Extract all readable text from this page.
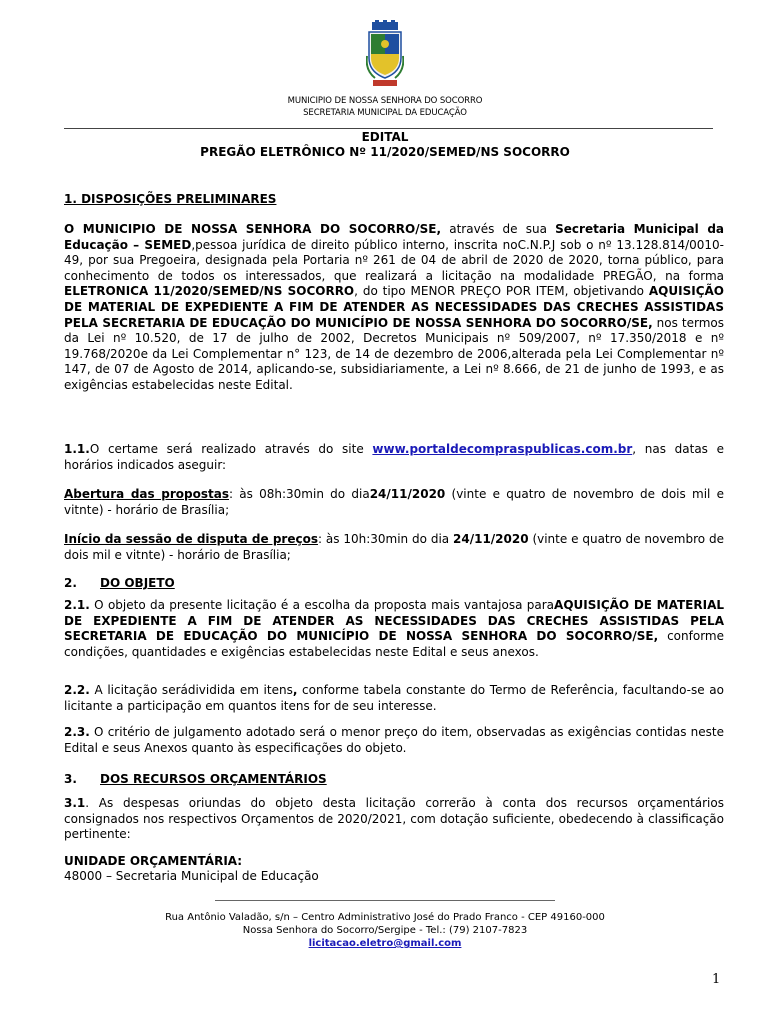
MUNICIPIO DE NOSSA SENHORA DO SOCORRO
SECRETARIA MUNICIPAL DA EDUCAÇÃO
EDITAL
PREGÃO ELETRÔNICO Nº 11/2020/SEMED/NS SOCORRO
1. DISPOSIÇÕES PRELIMINARES
O MUNICIPIO DE NOSSA SENHORA DO SOCORRO/SE, através de sua Secretaria Municipal da Educação – SEMED,pessoa jurídica de direito público interno, inscrita noC.N.P.J sob o nº 13.128.814/0010-49, por sua Pregoeira, designada pela Portaria nº 261 de 04 de abril de 2020 de 2020, torna público, para conhecimento de todos os interessados, que realizará a licitação na modalidade PREGÃO, na forma ELETRONICA 11/2020/SEMED/NS SOCORRO, do tipo MENOR PREÇO POR ITEM, objetivando AQUISIÇÃO DE MATERIAL DE EXPEDIENTE A FIM DE ATENDER AS NECESSIDADES DAS CRECHES ASSISTIDAS PELA SECRETARIA DE EDUCAÇÃO DO MUNICÍPIO DE NOSSA SENHORA DO SOCORRO/SE, nos termos da Lei nº 10.520, de 17 de julho de 2002, Decretos Municipais nº 509/2007, nº 17.350/2018 e nº 19.768/2020e da Lei Complementar n° 123, de 14 de dezembro de 2006,alterada pela Lei Complementar nº 147, de 07 de Agosto de 2014, aplicando-se, subsidiariamente, a Lei nº 8.666, de 21 de junho de 1993, e as exigências estabelecidas neste Edital.
1.1.O certame será realizado através do site www.portaldecompraspublicas.com.br, nas datas e horários indicados aseguir:
Abertura das propostas: às 08h:30min do dia24/11/2020 (vinte e quatro de novembro de dois mil e vitnte) - horário de Brasília;
Início da sessão de disputa de preços: às 10h:30min do dia 24/11/2020 (vinte e quatro de novembro de dois mil e vitnte) - horário de Brasília;
2. DO OBJETO
2.1. O objeto da presente licitação é a escolha da proposta mais vantajosa paraAQUISIÇÃO DE MATERIAL DE EXPEDIENTE A FIM DE ATENDER AS NECESSIDADES DAS CRECHES ASSISTIDAS PELA SECRETARIA DE EDUCAÇÃO DO MUNICÍPIO DE NOSSA SENHORA DO SOCORRO/SE, conforme condições, quantidades e exigências estabelecidas neste Edital e seus anexos.
2.2. A licitação serádividida em itens, conforme tabela constante do Termo de Referência, facultando-se ao licitante a participação em quantos itens for de seu interesse.
2.3. O critério de julgamento adotado será o menor preço do item, observadas as exigências contidas neste Edital e seus Anexos quanto às especificações do objeto.
3. DOS RECURSOS ORÇAMENTÁRIOS
3.1. As despesas oriundas do objeto desta licitação correrão à conta dos recursos orçamentários consignados nos respectivos Orçamentos de 2020/2021, com dotação suficiente, obedecendo à classificação pertinente:
UNIDADE ORÇAMENTÁRIA:
48000 – Secretaria Municipal de Educação
Rua Antônio Valadão, s/n – Centro Administrativo José do Prado Franco - CEP 49160-000
Nossa Senhora do Socorro/Sergipe - Tel.: (79) 2107-7823
licitacao.eletro@gmail.com
1
